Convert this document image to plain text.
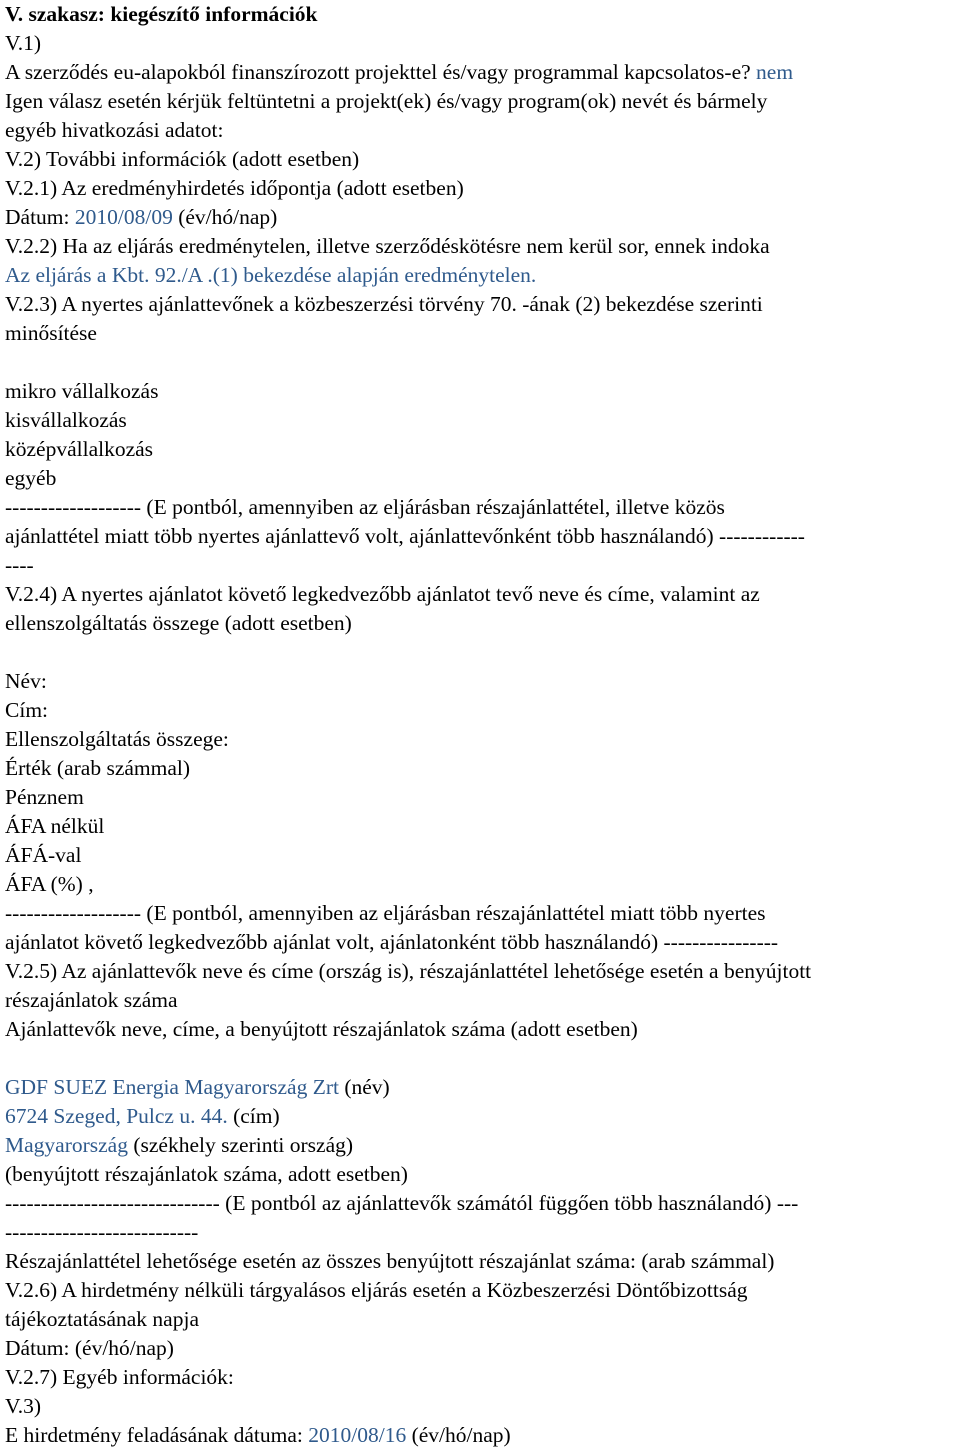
V. szakasz: kiegészítő információk
V.1)
A szerződés eu-alapokból finanszírozott projekttel és/vagy programmal kapcsolatos-e? nem
Igen válasz esetén kérjük feltüntetni a projekt(ek) és/vagy program(ok) nevét és bármely
egyéb hivatkozási adatot:
V.2) További információk (adott esetben)
V.2.1) Az eredményhirdetés időpontja (adott esetben)
Dátum: 2010/08/09 (év/hó/nap)
V.2.2) Ha az eljárás eredménytelen, illetve szerződéskötésre nem kerül sor, ennek indoka
Az eljárás a Kbt. 92./A .(1) bekezdése alapján eredménytelen.
V.2.3) A nyertes ajánlattevőnek a közbeszerzési törvény 70. -ának (2) bekezdése szerinti
minősítése
mikro vállalkozás
kisvállalkozás
középvállalkozás
egyéb
------------------- (E pontból, amennyiben az eljárásban részajánlattétel, illetve közös
ajánlattétel miatt több nyertes ajánlattevő volt, ajánlattevőnként több használandó) ------------
----
V.2.4) A nyertes ajánlatot követő legkedvezőbb ajánlatot tevő neve és címe, valamint az
ellenszolgáltatás összege (adott esetben)
Név:
Cím:
Ellenszolgáltatás összege:
Érték (arab számmal)
Pénznem
ÁFA nélkül
ÁFÁ-val
ÁFA (%) ,
------------------- (E pontból, amennyiben az eljárásban részajánlattétel miatt több nyertes
ajánlatot követő legkedvezőbb ajánlat volt, ajánlatonként több használandó) ----------------
V.2.5) Az ajánlattevők neve és címe (ország is), részajánlattétel lehetősége esetén a benyújtott
részajánlatok száma
Ajánlattevők neve, címe, a benyújtott részajánlatok száma (adott esetben)
GDF SUEZ Energia Magyarország Zrt (név)
6724 Szeged, Pulcz u. 44. (cím)
Magyarország (székhely szerinti ország)
(benyújtott részajánlatok száma, adott esetben)
------------------------------ (E pontból az ajánlattevők számától függően több használandó) ---
---------------------------
Részajánlattétel lehetősége esetén az összes benyújtott részajánlat száma: (arab számmal)
V.2.6) A hirdetmény nélküli tárgyalásos eljárás esetén a Közbeszerzési Döntőbizottság
tájékoztatásának napja
Dátum: (év/hó/nap)
V.2.7) Egyéb információk:
V.3)
E hirdetmény feladásának dátuma: 2010/08/16 (év/hó/nap)
